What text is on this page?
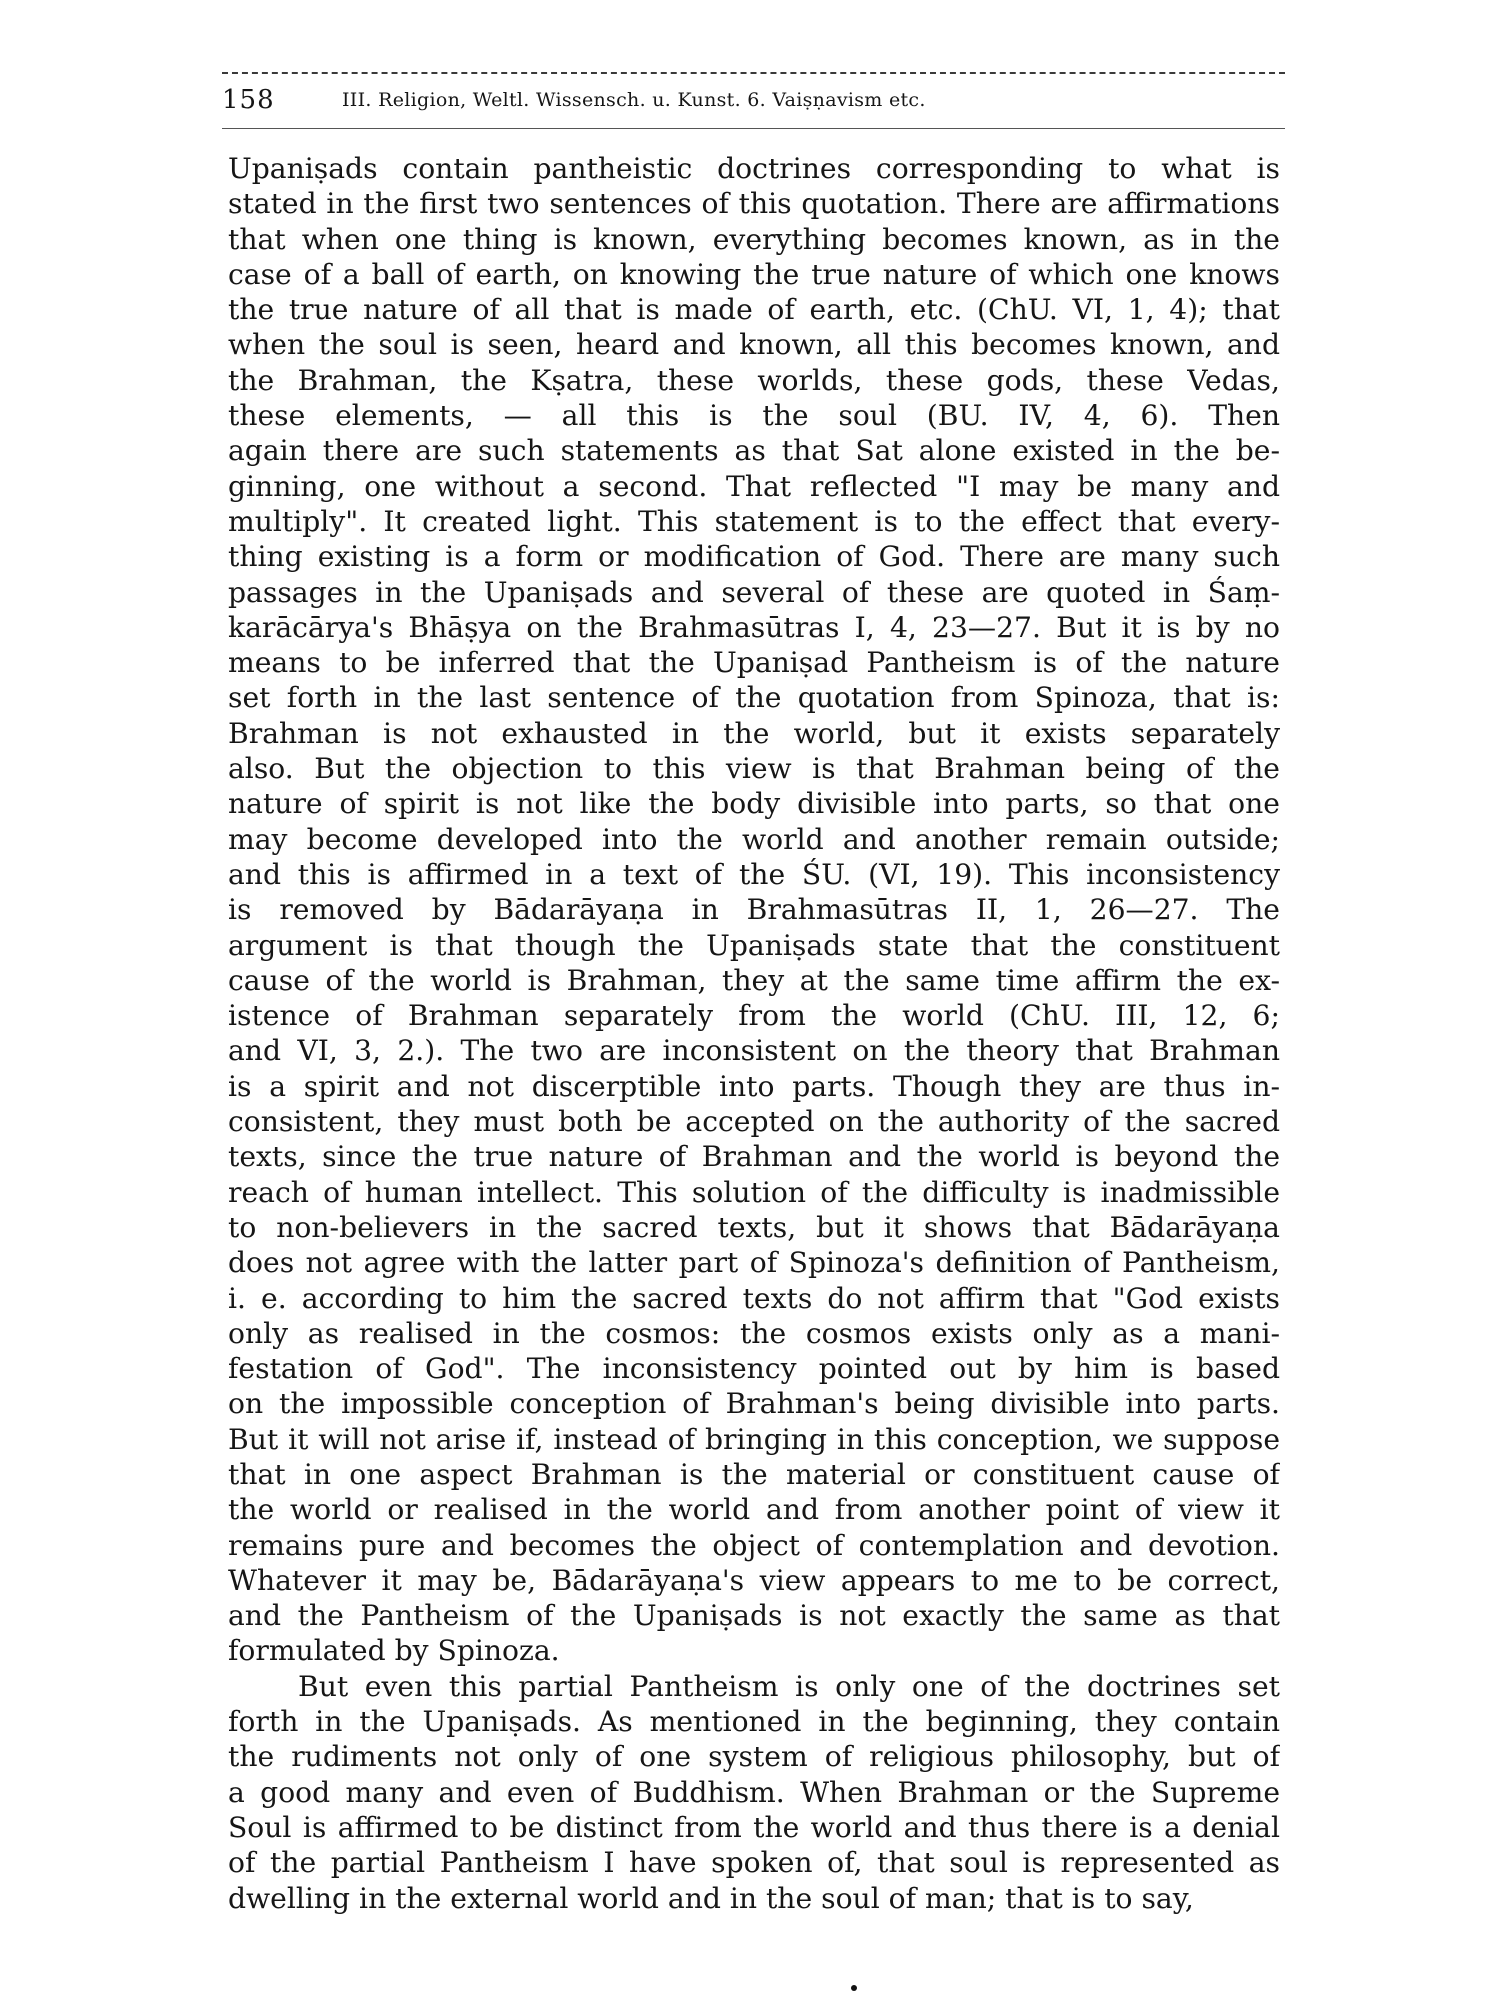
158	III. Religion, Weltl. Wissensch. u. Kunst. 6. Vaiṣṇavism etc.
Upaniṣads contain pantheistic doctrines corresponding to what is
stated in the first two sentences of this quotation. There are affirmations
that when one thing is known, everything becomes known, as in the
case of a ball of earth, on knowing the true nature of which one knows
the true nature of all that is made of earth, etc. (ChU. VI, 1, 4); that
when the soul is seen, heard and known, all this becomes known, and
the Brahman, the Kṣatra, these worlds, these gods, these Vedas,
these elements, — all this is the soul (BU. IV, 4, 6). Then
again there are such statements as that Sat alone existed in the be-
ginning, one without a second. That reflected "I may be many and
multiply". It created light. This statement is to the effect that every-
thing existing is a form or modification of God. There are many such
passages in the Upaniṣads and several of these are quoted in Śaṃ-
karācārya's Bhāṣya on the Brahmasūtras I, 4, 23—27. But it is by no
means to be inferred that the Upaniṣad Pantheism is of the nature
set forth in the last sentence of the quotation from Spinoza, that is:
Brahman is not exhausted in the world, but it exists separately
also. But the objection to this view is that Brahman being of the
nature of spirit is not like the body divisible into parts, so that one
may become developed into the world and another remain outside;
and this is affirmed in a text of the ŚU. (VI, 19). This inconsistency
is removed by Bādarāyaṇa in Brahmasūtras II, 1, 26—27. The
argument is that though the Upaniṣads state that the constituent
cause of the world is Brahman, they at the same time affirm the ex-
istence of Brahman separately from the world (ChU. III, 12, 6;
and VI, 3, 2.). The two are inconsistent on the theory that Brahman
is a spirit and not discerptible into parts. Though they are thus in-
consistent, they must both be accepted on the authority of the sacred
texts, since the true nature of Brahman and the world is beyond the
reach of human intellect. This solution of the difficulty is inadmissible
to non-believers in the sacred texts, but it shows that Bādarāyaṇa
does not agree with the latter part of Spinoza's definition of Pantheism,
i. e. according to him the sacred texts do not affirm that "God exists
only as realised in the cosmos: the cosmos exists only as a mani-
festation of God". The inconsistency pointed out by him is based
on the impossible conception of Brahman's being divisible into parts.
But it will not arise if, instead of bringing in this conception, we suppose
that in one aspect Brahman is the material or constituent cause of
the world or realised in the world and from another point of view it
remains pure and becomes the object of contemplation and devotion.
Whatever it may be, Bādarāyaṇa's view appears to me to be correct,
and the Pantheism of the Upaniṣads is not exactly the same as that
formulated by Spinoza.
But even this partial Pantheism is only one of the doctrines set
forth in the Upaniṣads. As mentioned in the beginning, they contain
the rudiments not only of one system of religious philosophy, but of
a good many and even of Buddhism. When Brahman or the Supreme
Soul is affirmed to be distinct from the world and thus there is a denial
of the partial Pantheism I have spoken of, that soul is represented as
dwelling in the external world and in the soul of man; that is to say,
